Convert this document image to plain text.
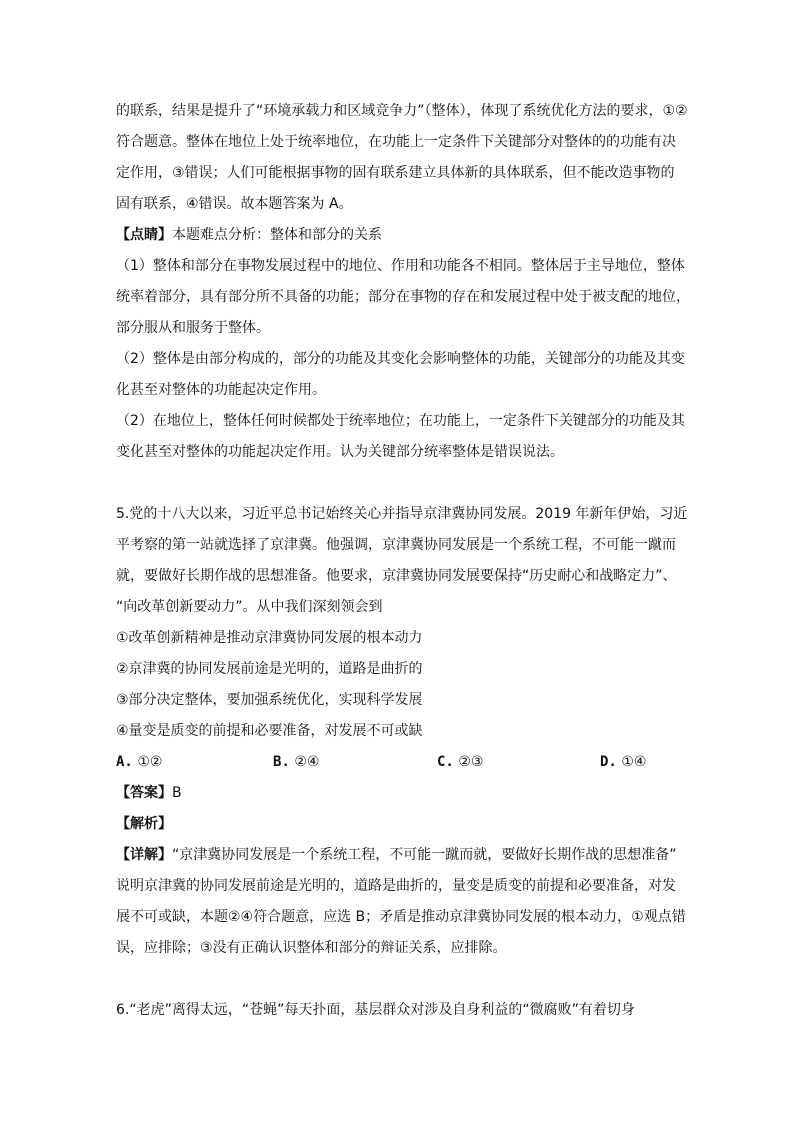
的联系，结果是提升了“环境承载力和区域竞争力”（整体），体现了系统优化方法的要求，①②
符合题意。整体在地位上处于统率地位，在功能上一定条件下关键部分对整体的的功能有决
定作用，③错误；人们可能根据事物的固有联系建立具体新的具体联系，但不能改造事物的
固有联系，④错误。故本题答案为 A。
【点睛】本题难点分析：整体和部分的关系
（1）整体和部分在事物发展过程中的地位、作用和功能各不相同。整体居于主导地位，整体
统率着部分，具有部分所不具备的功能；部分在事物的存在和发展过程中处于被支配的地位，
部分服从和服务于整体。
（2）整体是由部分构成的，部分的功能及其变化会影响整体的功能，关键部分的功能及其变
化甚至对整体的功能起决定作用。
（2）在地位上，整体任何时候都处于统率地位；在功能上，一定条件下关键部分的功能及其
变化甚至对整体的功能起决定作用。认为关键部分统率整体是错误说法。
5.党的十八大以来，习近平总书记始终关心并指导京津冀协同发展。2019 年新年伊始，习近
平考察的第一站就选择了京津冀。他强调，京津冀协同发展是一个系统工程，不可能一蹴而
就，要做好长期作战的思想准备。他要求，京津冀协同发展要保持“历史耐心和战略定力”、
“向改革创新要动力”。从中我们深刻领会到
①改革创新精神是推动京津冀协同发展的根本动力
②京津冀的协同发展前途是光明的，道路是曲折的
③部分决定整体，要加强系统优化，实现科学发展
④量变是质变的前提和必要准备，对发展不可或缺
A. ①②	B. ②④	C. ②③	D. ①④
【答案】B
【解析】
【详解】“京津冀协同发展是一个系统工程，不可能一蹴而就，要做好长期作战的思想准备”
说明京津冀的协同发展前途是光明的，道路是曲折的，量变是质变的前提和必要准备，对发
展不可或缺，本题②④符合题意，应选 B；矛盾是推动京津冀协同发展的根本动力，①观点错
误，应排除；③没有正确认识整体和部分的辩证关系，应排除。
6.“老虎”离得太远，“苍蝇”每天扑面，基层群众对涉及自身利益的“微腐败”有着切身
